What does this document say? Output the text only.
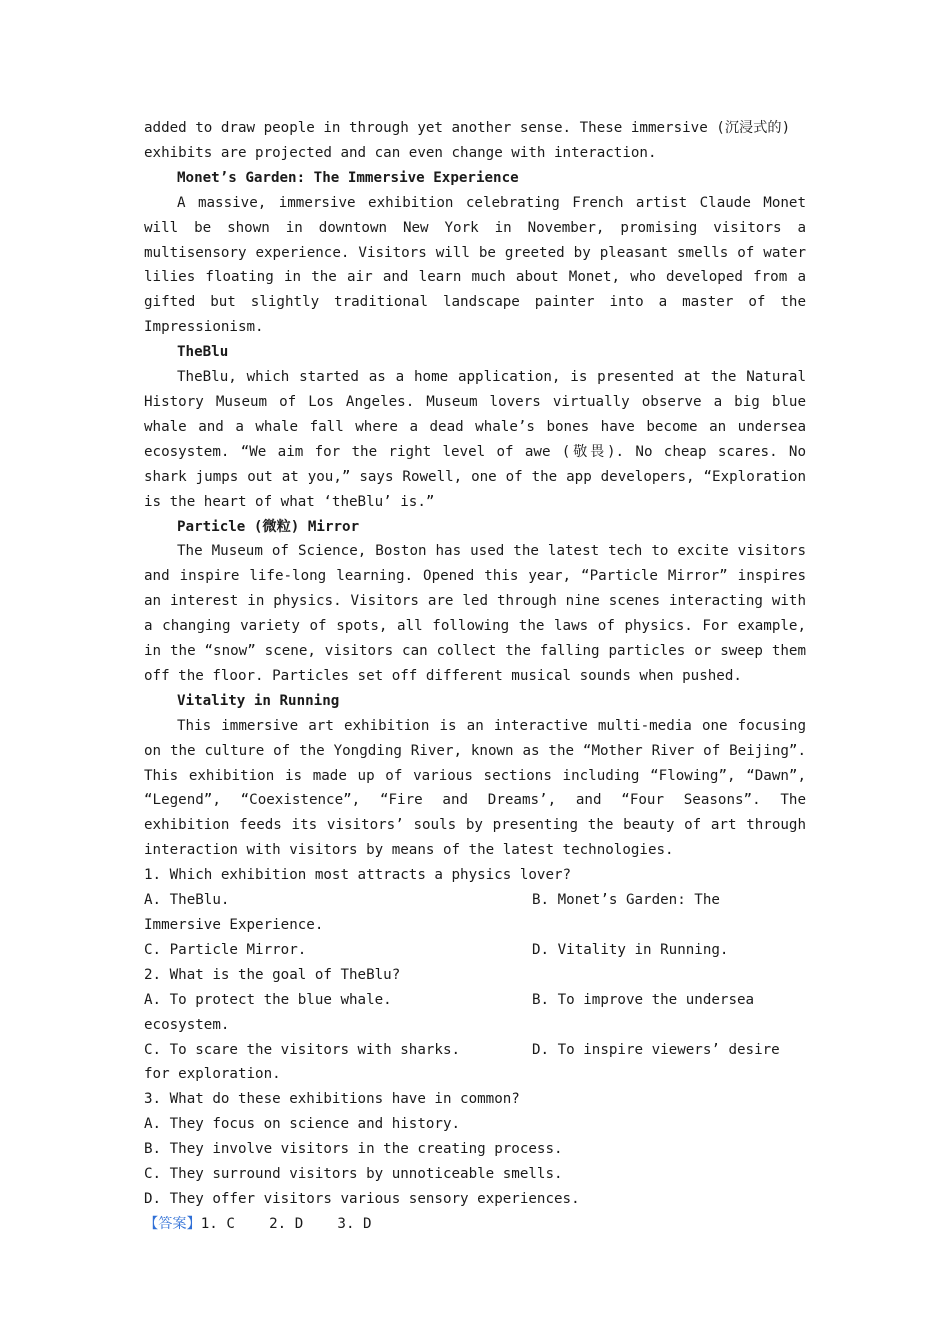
added to draw people in through yet another sense. These immersive (沉浸式的)
exhibits are projected and can even change with interaction.

Monet’s Garden: The Immersive Experience

A massive, immersive exhibition celebrating French artist Claude Monet will be shown in downtown New York in November, promising visitors a multisensory experience. Visitors will be greeted by pleasant smells of water lilies floating in the air and learn much about Monet, who developed from a gifted but slightly traditional landscape painter into a master of the Impressionism.

TheBlu

TheBlu, which started as a home application, is presented at the Natural History Museum of Los Angeles. Museum lovers virtually observe a big blue whale and a whale fall where a dead whale’s bones have become an undersea ecosystem. “We aim for the right level of awe (敬畏). No cheap scares. No shark jumps out at you,” says Rowell, one of the app developers, “Exploration is the heart of what ‘theBlu’ is.”

Particle (微粒) Mirror

The Museum of Science, Boston has used the latest tech to excite visitors and inspire life-long learning. Opened this year, “Particle Mirror” inspires an interest in physics. Visitors are led through nine scenes interacting with a changing variety of spots, all following the laws of physics. For example, in the “snow” scene, visitors can collect the falling particles or sweep them off the floor. Particles set off different musical sounds when pushed.

Vitality in Running

This immersive art exhibition is an interactive multi-media one focusing on the culture of the Yongding River, known as the “Mother River of Beijing”. This exhibition is made up of various sections including “Flowing”, “Dawn”, “Legend”, “Coexistence”, “Fire and Dreams’, and “Four Seasons”. The exhibition feeds its visitors’ souls by presenting the beauty of art through interaction with visitors by means of the latest technologies.

1. Which exhibition most attracts a physics lover?

A. TheBlu.	B. Monet’s Garden: The

Immersive Experience.

C. Particle Mirror.	D. Vitality in Running.

2. What is the goal of TheBlu?

A. To protect the blue whale.	B. To improve the undersea

ecosystem.

C. To scare the visitors with sharks.	D. To inspire viewers’ desire

for exploration.

3. What do these exhibitions have in common?

A. They focus on science and history.

B. They involve visitors in the creating process.

C. They surround visitors by unnoticeable smells.

D. They offer visitors various sensory experiences.

【答案】1. C    2. D    3. D
